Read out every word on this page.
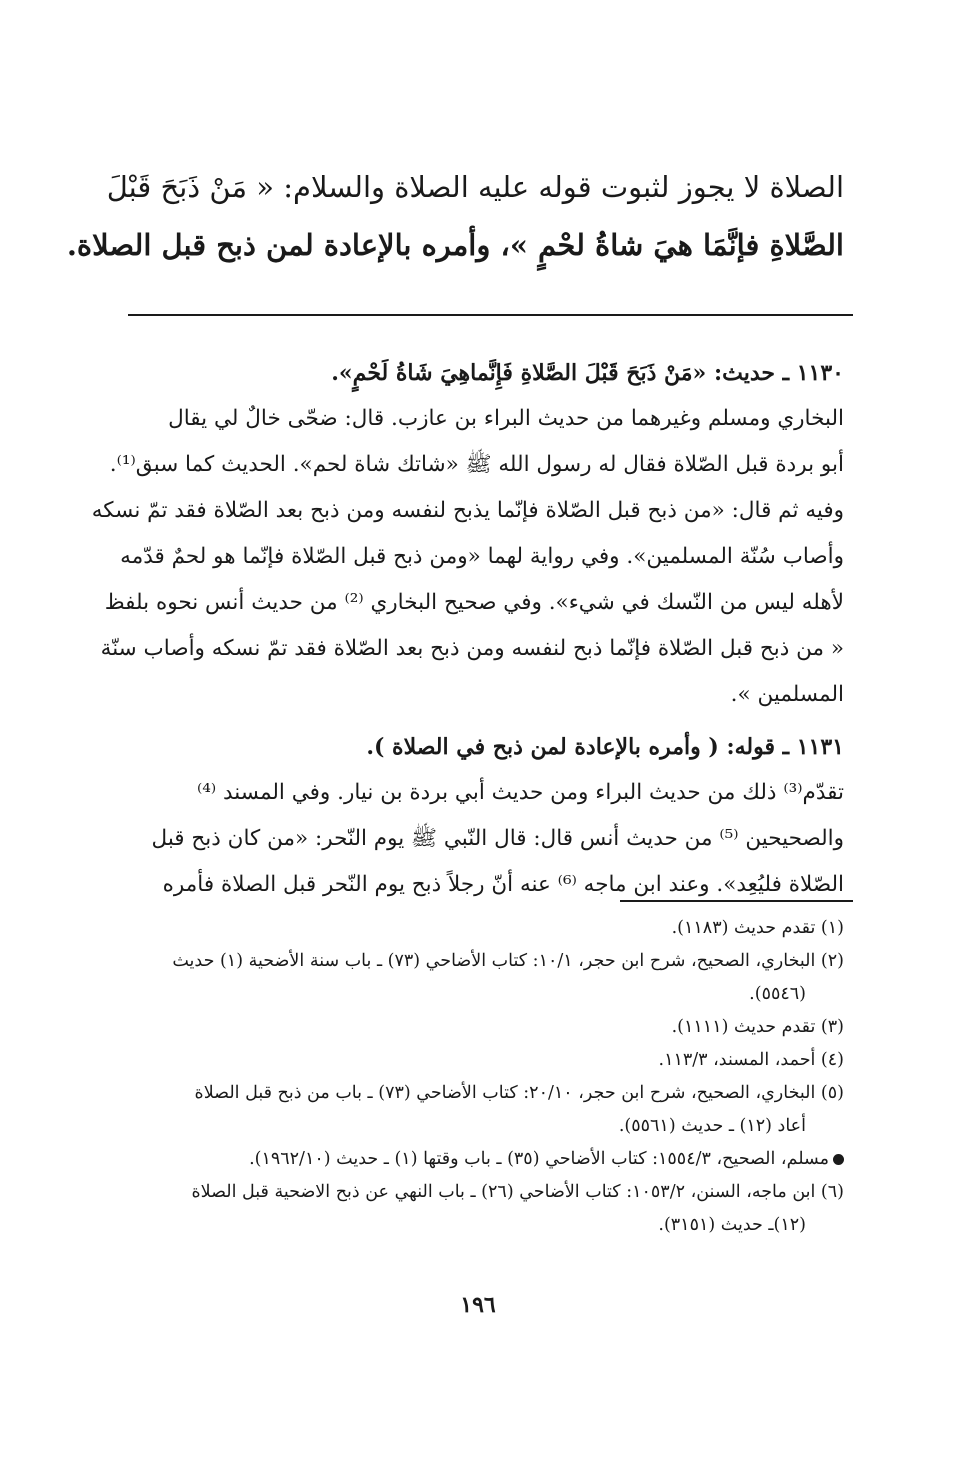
الصلاة لا يجوز لثبوت قوله عليه الصلاة والسلام: « مَنْ ذَبَحَ قَبْلَ
الصَّلاةِ فإنَّمَا هيَ شاةُ لحْمٍ »، وأمره بالإعادة لمن ذبح قبل الصلاة.

١١٣٠ ـ حديث: «مَنْ ذَبَحَ قَبْلَ الصَّلاةِ فَإِنَّماهِيَ شَاةُ لَحْمٍ».

البخاري ومسلم وغيرهما من حديث البراء بن عازب. قال: ضحّى خالٌ لي يقال

أبو بردة قبل الصّلاة فقال له رسول الله ﷺ «شاتك شاة لحم». الحديث كما سبق⁽¹⁾.

وفيه ثم قال: «من ذبح قبل الصّلاة فإنّما يذبح لنفسه ومن ذبح بعد الصّلاة فقد تمّ نسكه

وأصاب سُنّة المسلمين». وفي رواية لهما «ومن ذبح قبل الصّلاة فإنّما هو لحمٌ قدّمه

لأهله ليس من النّسك في شيء». وفي صحيح البخاري ⁽²⁾ من حديث أنس نحوه بلفظ

« من ذبح قبل الصّلاة فإنّما ذبح لنفسه ومن ذبح بعد الصّلاة فقد تمّ نسكه وأصاب سنّة

المسلمين ».

١١٣١ ـ قوله: ( وأمره بالإعادة لمن ذبح في الصلاة ).

تقدّم⁽³⁾ ذلك من حديث البراء ومن حديث أبي بردة بن نيار. وفي المسند ⁽⁴⁾

والصحيحين ⁽⁵⁾ من حديث أنس قال: قال النّبي ﷺ يوم النّحر: «من كان ذبح قبل

الصّلاة فليُعِد». وعند ابن ماجه ⁽⁶⁾ عنه أنّ رجلاً ذبح يوم النّحر قبل الصلاة فأمره

(١) تقدم حديث (١١٨٣).

(٢) البخاري، الصحيح، شرح ابن حجر، ١٠/١: كتاب الأضاحي (٧٣) ـ باب سنة الأضحية (١) حديث

(٥٥٤٦).

(٣) تقدم حديث (١١١١).

(٤) أحمد، المسند، ١١٣/٣.

(٥) البخاري، الصحيح، شرح ابن حجر، ٢٠/١٠: كتاب الأضاحي (٧٣) ـ باب من ذبح قبل الصلاة

أعاد (١٢) ـ حديث (٥٥٦١).

مسلم، الصحيح، ١٥٥٤/٣: كتاب الأضاحي (٣٥) ـ باب وقتها (١) ـ حديث (١٩٦٢/١٠).

(٦) ابن ماجه، السنن، ١٠٥٣/٢: كتاب الأضاحي (٢٦) ـ باب النهي عن ذبح الاضحية قبل الصلاة

(١٢)ـ حديث (٣١٥١).

١٩٦
